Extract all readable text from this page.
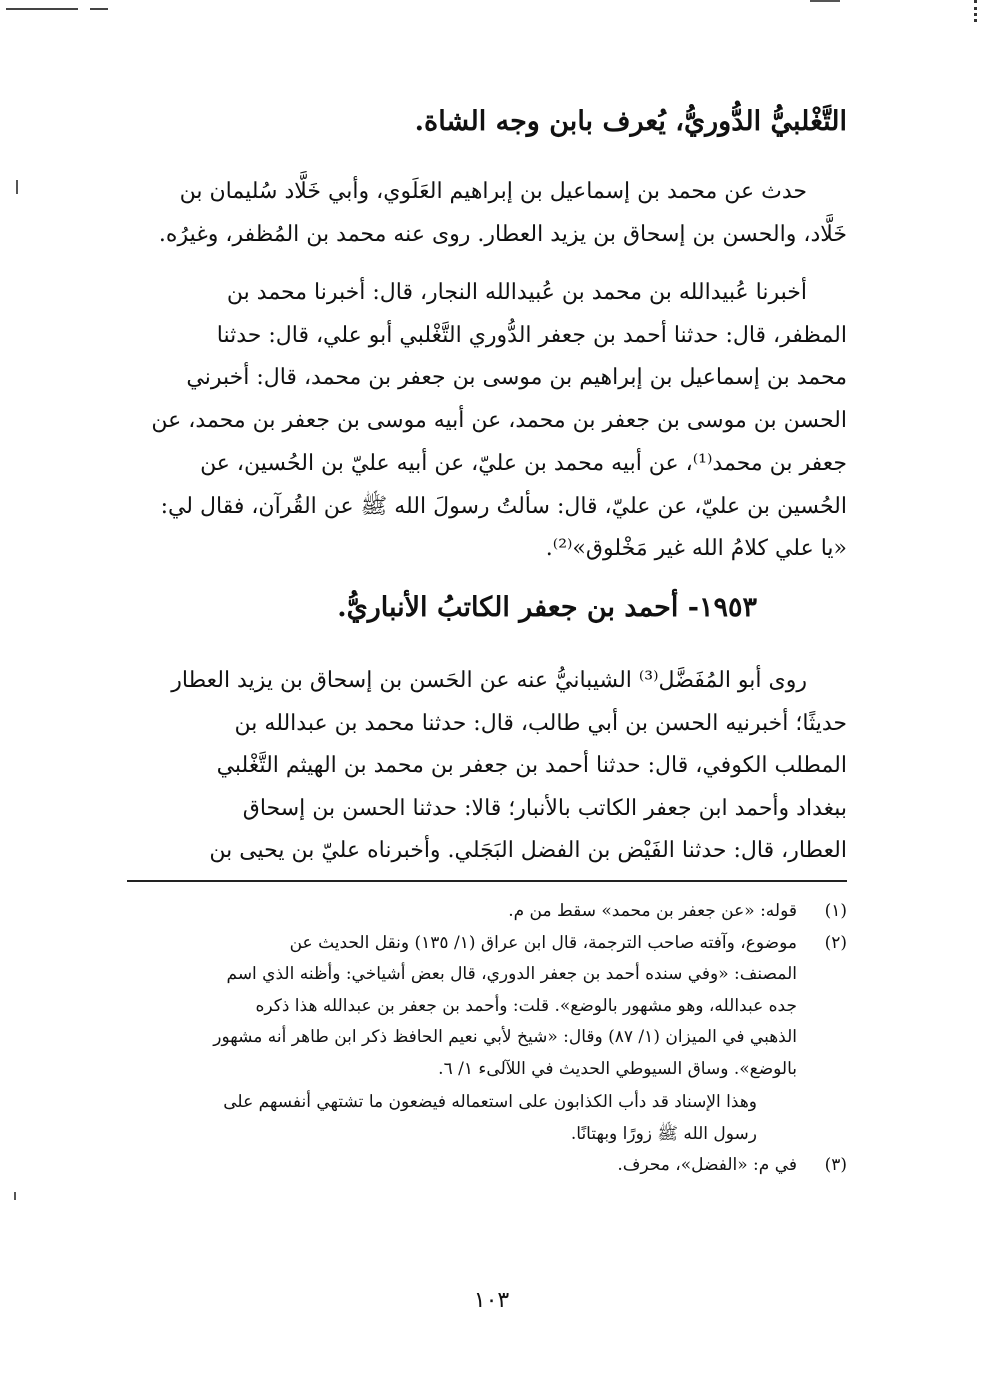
التَّغْلبيُّ الدُّوريُّ، يُعرف بابن وجه الشاة.
حدث عن محمد بن إسماعيل بن إبراهيم العَلَوي، وأبي خَلَّاد سُليمان بن
خَلَّاد، والحسن بن إسحاق بن يزيد العطار. روى عنه محمد بن المُظفر، وغيرُه.
أخبرنا عُبيدالله بن محمد بن عُبيدالله النجار، قال: أخبرنا محمد بن
المظفر، قال: حدثنا أحمد بن جعفر الدُّوري التَّغْلبي أبو علي، قال: حدثنا
محمد بن إسماعيل بن إبراهيم بن موسى بن جعفر بن محمد، قال: أخبرني
الحسن بن موسى بن جعفر بن محمد، عن أبيه موسى بن جعفر بن محمد، عن
جعفر بن محمد⁽¹⁾، عن أبيه محمد بن عليّ، عن أبيه عليّ بن الحُسين، عن
الحُسين بن عليّ، عن عليّ، قال: سألتُ رسولَ الله ﷺ عن القُرآن، فقال لي:
«يا علي كلامُ الله غير مَخْلوق»⁽²⁾.
١٩٥٣- أحمد بن جعفر الكاتبُ الأنباريُّ.
روى أبو المُفَضَّل⁽³⁾ الشيبانيُّ عنه عن الحَسن بن إسحاق بن يزيد العطار
حديثًا؛ أخبرنيه الحسن بن أبي طالب، قال: حدثنا محمد بن عبدالله بن
المطلب الكوفي، قال: حدثنا أحمد بن جعفر بن محمد بن الهيثم التَّغْلبي
ببغداد وأحمد ابن جعفر الكاتب بالأنبار؛ قالا: حدثنا الحسن بن إسحاق
العطار، قال: حدثنا الفَيْض بن الفضل البَجَلي. وأخبرناه عليّ بن يحيى بن
(١)
قوله: «عن جعفر بن محمد» سقط من م.
(٢)
موضوع، وآفته صاحب الترجمة، قال ابن عراق (١/ ١٣٥) ونقل الحديث عن
المصنف: «وفي سنده أحمد بن جعفر الدوري، قال بعض أشياخي: وأظنه الذي اسم
جده عبدالله، وهو مشهور بالوضع». قلت: وأحمد بن جعفر بن عبدالله هذا ذكره
الذهبي في الميزان (١/ ٨٧) وقال: «شيخ لأبي نعيم الحافظ ذكر ابن طاهر أنه مشهور
بالوضع». وساق السيوطي الحديث في اللآلىء ١/ ٦.
وهذا الإسناد قد دأب الكذابون على استعماله فيضعون ما تشتهي أنفسهم على
رسول الله ﷺ زورًا وبهتانًا.
(٣)
في م: «الفضل»، محرف.
١٠٣
